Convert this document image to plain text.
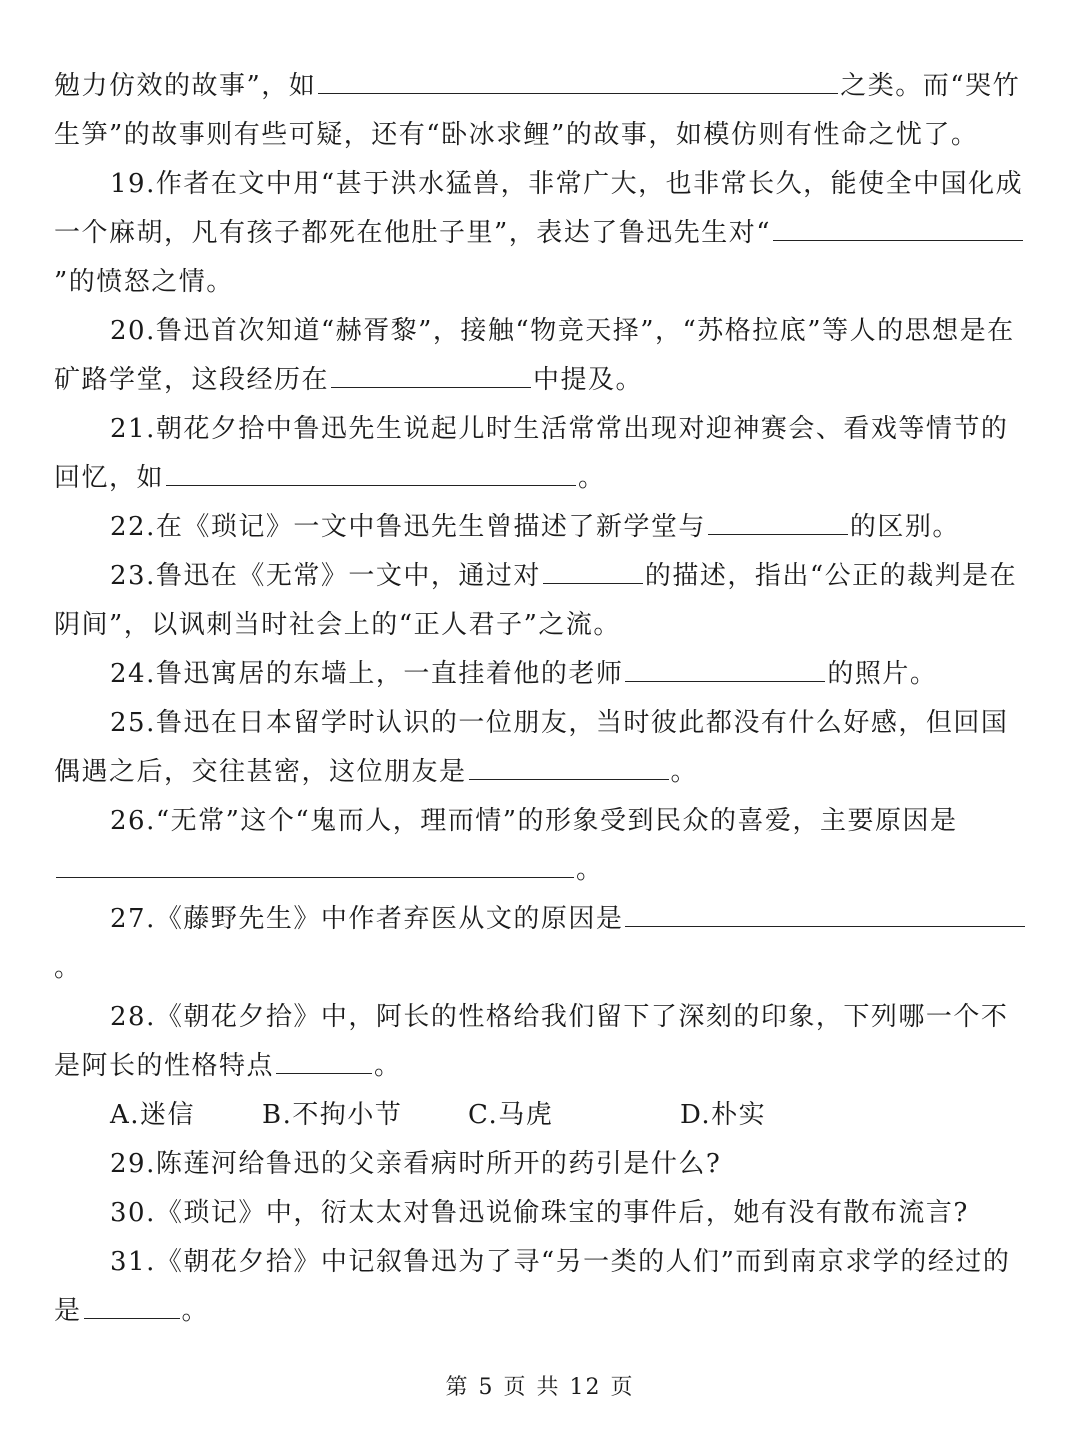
勉力仿效的故事”，如	之类。而“哭竹生笋”的故事则有些可疑，还有“卧冰求鲤”的故事，如模仿则有性命之忧了。

19.作者在文中用“甚于洪水猛兽，非常广大，也非常长久，能使全中国化成一个麻胡，凡有孩子都死在他肚子里”，表达了鲁迅先生对“”的愤怒之情。

20.鲁迅首次知道“赫胥黎”，接触“物竞天择”，“苏格拉底”等人的思想是在矿路学堂，这段经历在	中提及。

21.朝花夕拾中鲁迅先生说起儿时生活常常出现对迎神赛会、看戏等情节的回忆，如	。

22.在《琐记》一文中鲁迅先生曾描述了新学堂与	的区别。

23.鲁迅在《无常》一文中，通过对	的描述，指出“公正的裁判是在阴间”，以讽刺当时社会上的“正人君子”之流。

24.鲁迅寓居的东墙上，一直挂着他的老师	的照片。

25.鲁迅在日本留学时认识的一位朋友，当时彼此都没有什么好感，但回国偶遇之后，交往甚密，这位朋友是	。

26.“无常”这个“鬼而人，理而情”的形象受到民众的喜爱，主要原因是。

27.《藤野先生》中作者弃医从文的原因是。

28.《朝花夕拾》中，阿长的性格给我们留下了深刻的印象，下列哪一个不是阿长的性格特点	。

A.迷信	B.不拘小节	C.马虎	D.朴实

29.陈莲河给鲁迅的父亲看病时所开的药引是什么?

30.《琐记》中，衍太太对鲁迅说偷珠宝的事件后，她有没有散布流言?

31.《朝花夕拾》中记叙鲁迅为了寻“另一类的人们”而到南京求学的经过的是	。

第 5 页 共 12 页
